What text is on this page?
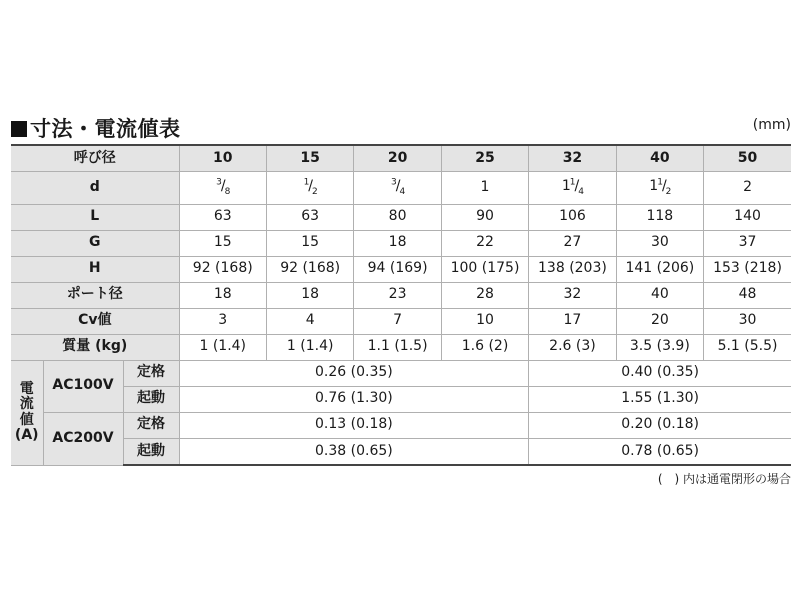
寸法・電流値表	(mm)
呼び径			10	15	20	25	32	40	50
d			$^3/_8$	$^1/_2$	$^3/_4$	1	$1^1/_4$	$1^1/_2$	2
L			63	63	80	90	106	118	140
G			15	15	18	22	27	30	37
H			92 (168)	92 (168)	94 (169)	100 (175)	138 (203)	141 (206)	153 (218)
ポート径			18	18	23	28	32	40	48
Cv値			3	4	7	10	17	20	30
質量 (kg)			1 (1.4)	1 (1.4)	1.1 (1.5)	1.6 (2)	2.6 (3)	3.5 (3.9)	5.1 (5.5)

電
流
値
(A)	AC100V	定格	0.26 (0.35)				0.40 (0.35)		
		起動	0.76 (1.30)				1.55 (1.30)		
	AC200V	定格	0.13 (0.18)				0.20 (0.18)		
		起動	0.38 (0.65)				0.78 (0.65)		
(　) 内は通電閉形の場合
